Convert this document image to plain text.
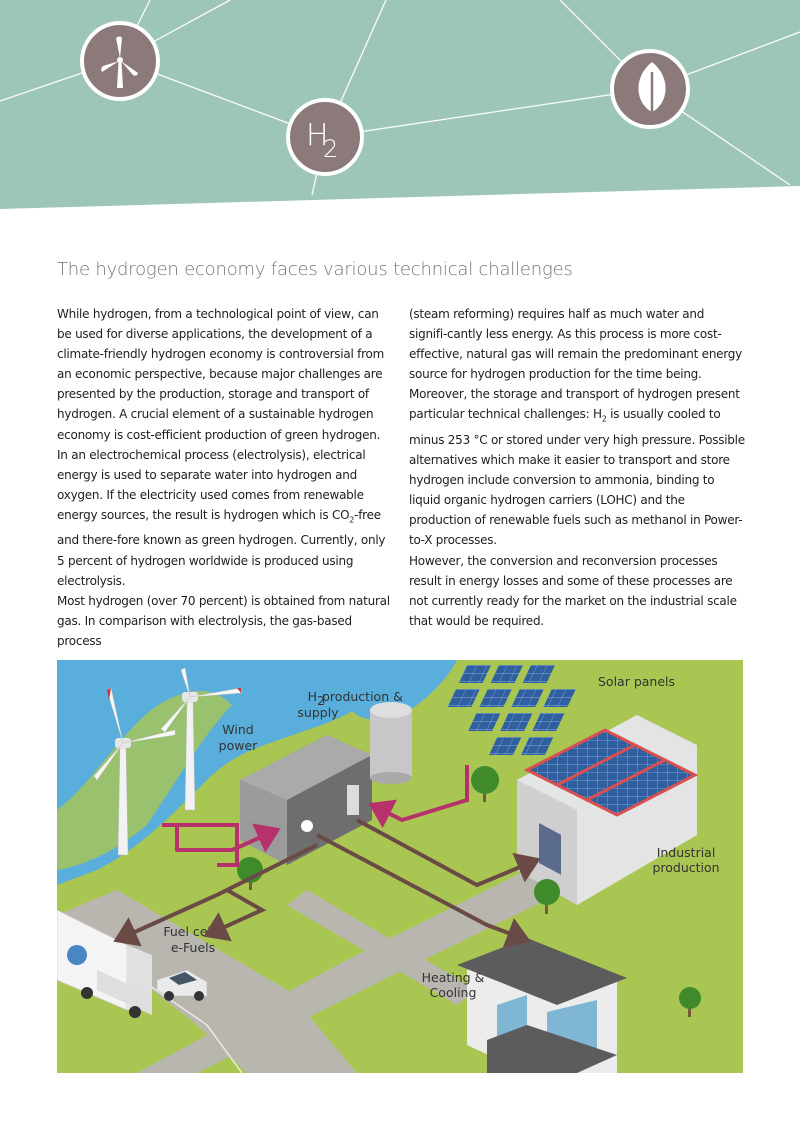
H
2
The hydrogen economy faces various technical challenges

While hydrogen, from a technological point of view, can be used for diverse applications, the development of a climate-friendly hydrogen economy is controversial from an economic perspective, because major challenges are presented by the production, storage and transport of hydrogen. A crucial element of a sustainable hydrogen economy is cost-efficient production of green hydrogen. In an electrochemical process (electrolysis), electrical energy is used to separate water into hydrogen and oxygen. If the electricity used comes from renewable energy sources, the result is hydrogen which is $CO_2$-free and there-fore known as green hydrogen. Currently, only 5 percent of hydrogen worldwide is produced using electrolysis.

Most hydrogen (over 70 percent) is obtained from natural gas. In comparison with electrolysis, the gas-based process

(steam reforming) requires half as much water and signifi-cantly less energy. As this process is more cost-effective, natural gas will remain the predominant energy source for hydrogen production for the time being. Moreover, the storage and transport of hydrogen present particular technical challenges: $H_2$ is usually cooled to minus 253 °C or stored under very high pressure. Possible alternatives which make it easier to transport and store hydrogen include conversion to ammonia, binding to liquid organic hydrogen carriers (LOHC) and the production of renewable fuels such as methanol in Power-to-X processes.

However, the conversion and reconversion processes result in energy losses and some of these processes are not currently ready for the market on the industrial scale that would be required.

Solar panels
Wind
power
H 2
production &
supply
Industrial
production
Heating &
Cooling
Fuel cell /
e-Fuels
